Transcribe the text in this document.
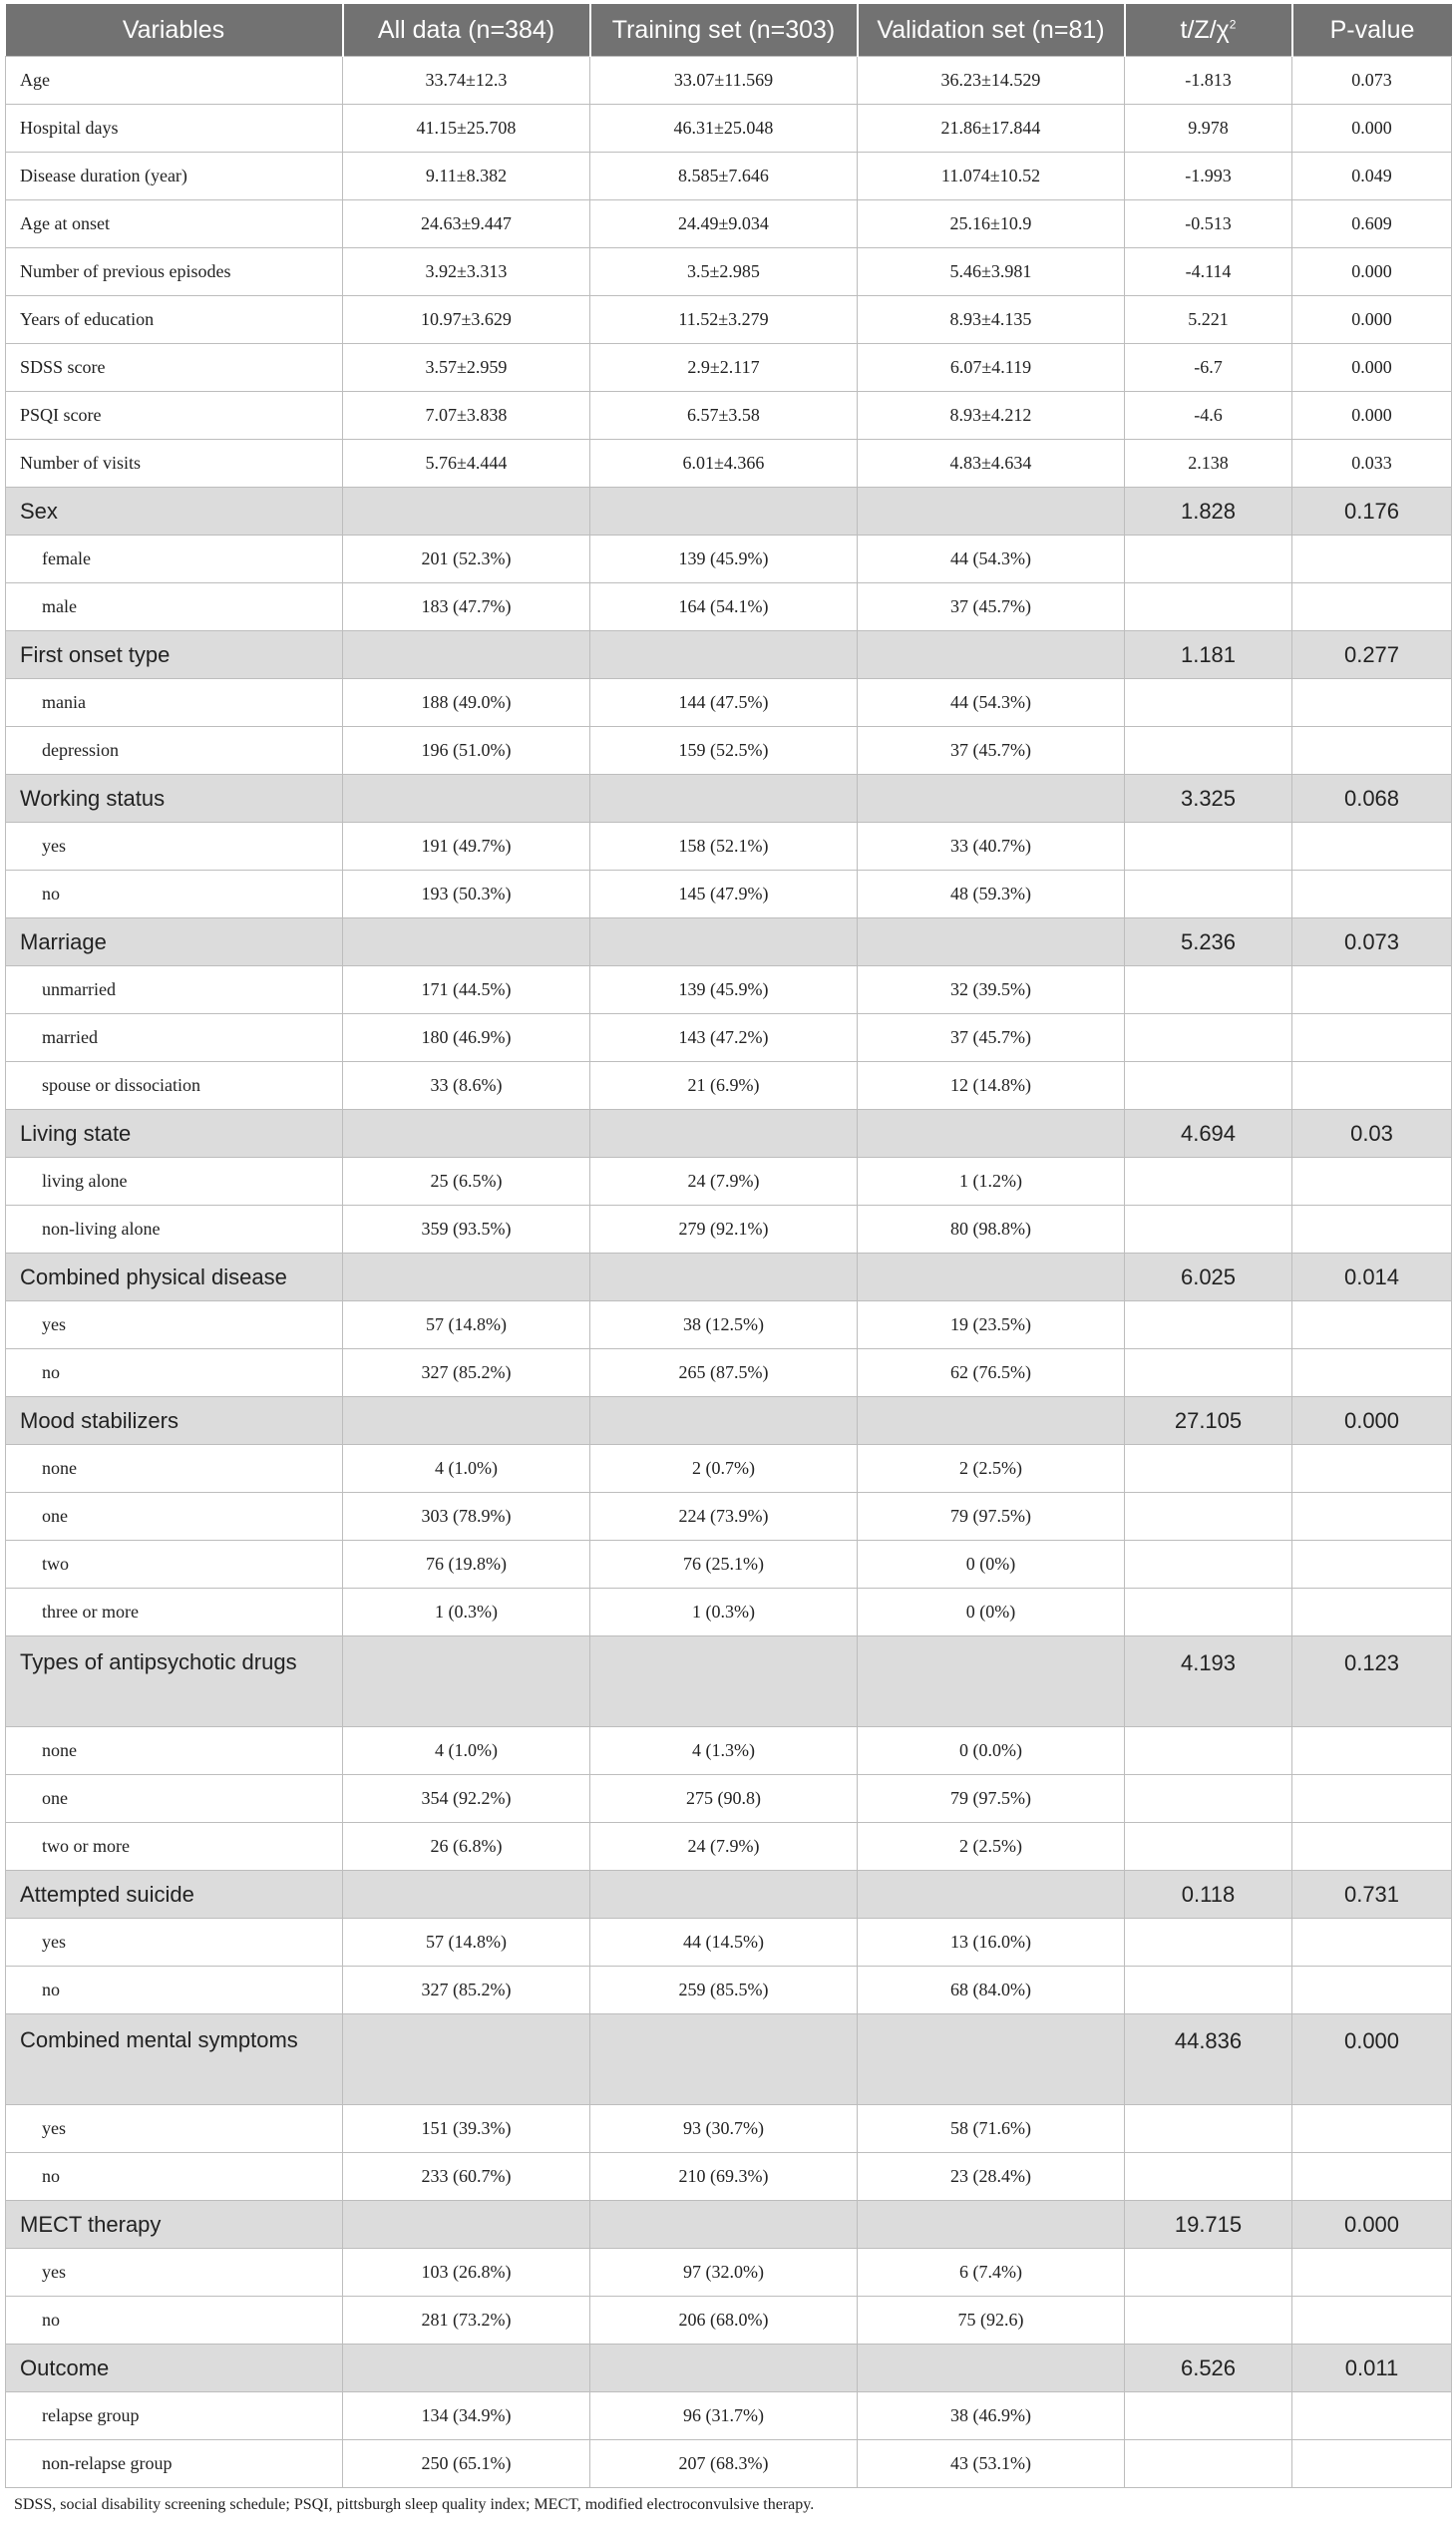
Variables	All data (n=384)	Training set (n=303)	Validation set (n=81)	$t/Z/\chi^2$	P-value
Age	33.74±12.3	33.07±11.569	36.23±14.529	-1.813	0.073
Hospital days	41.15±25.708	46.31±25.048	21.86±17.844	9.978	0.000
Disease duration (year)	9.11±8.382	8.585±7.646	11.074±10.52	-1.993	0.049
Age at onset	24.63±9.447	24.49±9.034	25.16±10.9	-0.513	0.609
Number of previous episodes	3.92±3.313	3.5±2.985	5.46±3.981	-4.114	0.000
Years of education	10.97±3.629	11.52±3.279	8.93±4.135	5.221	0.000
SDSS score	3.57±2.959	2.9±2.117	6.07±4.119	-6.7	0.000
PSQI score	7.07±3.838	6.57±3.58	8.93±4.212	-4.6	0.000
Number of visits	5.76±4.444	6.01±4.366	4.83±4.634	2.138	0.033
Sex				1.828	0.176
female	201 (52.3%)	139 (45.9%)	44 (54.3%)		
male	183 (47.7%)	164 (54.1%)	37 (45.7%)		
First onset type				1.181	0.277
mania	188 (49.0%)	144 (47.5%)	44 (54.3%)		
depression	196 (51.0%)	159 (52.5%)	37 (45.7%)		
Working status				3.325	0.068
yes	191 (49.7%)	158 (52.1%)	33 (40.7%)		
no	193 (50.3%)	145 (47.9%)	48 (59.3%)		
Marriage				5.236	0.073
unmarried	171 (44.5%)	139 (45.9%)	32 (39.5%)		
married	180 (46.9%)	143 (47.2%)	37 (45.7%)		
spouse or dissociation	33 (8.6%)	21 (6.9%)	12 (14.8%)		
Living state				4.694	0.03
living alone	25 (6.5%)	24 (7.9%)	1 (1.2%)		
non-living alone	359 (93.5%)	279 (92.1%)	80 (98.8%)		
Combined physical disease				6.025	0.014
yes	57 (14.8%)	38 (12.5%)	19 (23.5%)		
no	327 (85.2%)	265 (87.5%)	62 (76.5%)		
Mood stabilizers				27.105	0.000
none	4 (1.0%)	2 (0.7%)	2 (2.5%)		
one	303 (78.9%)	224 (73.9%)	79 (97.5%)		
two	76 (19.8%)	76 (25.1%)	0 (0%)		
three or more	1 (0.3%)	1 (0.3%)	0 (0%)		
Types of antipsychotic drugs				4.193	0.123
none	4 (1.0%)	4 (1.3%)	0 (0.0%)		
one	354 (92.2%)	275 (90.8)	79 (97.5%)		
two or more	26 (6.8%)	24 (7.9%)	2 (2.5%)		
Attempted suicide				0.118	0.731
yes	57 (14.8%)	44 (14.5%)	13 (16.0%)		
no	327 (85.2%)	259 (85.5%)	68 (84.0%)		
Combined mental symptoms				44.836	0.000
yes	151 (39.3%)	93 (30.7%)	58 (71.6%)		
no	233 (60.7%)	210 (69.3%)	23 (28.4%)		
MECT therapy				19.715	0.000
yes	103 (26.8%)	97 (32.0%)	6 (7.4%)		
no	281 (73.2%)	206 (68.0%)	75 (92.6)		
Outcome				6.526	0.011
relapse group	134 (34.9%)	96 (31.7%)	38 (46.9%)		
non-relapse group	250 (65.1%)	207 (68.3%)	43 (53.1%)		
SDSS, social disability screening schedule; PSQI, pittsburgh sleep quality index; MECT, modified electroconvulsive therapy.
